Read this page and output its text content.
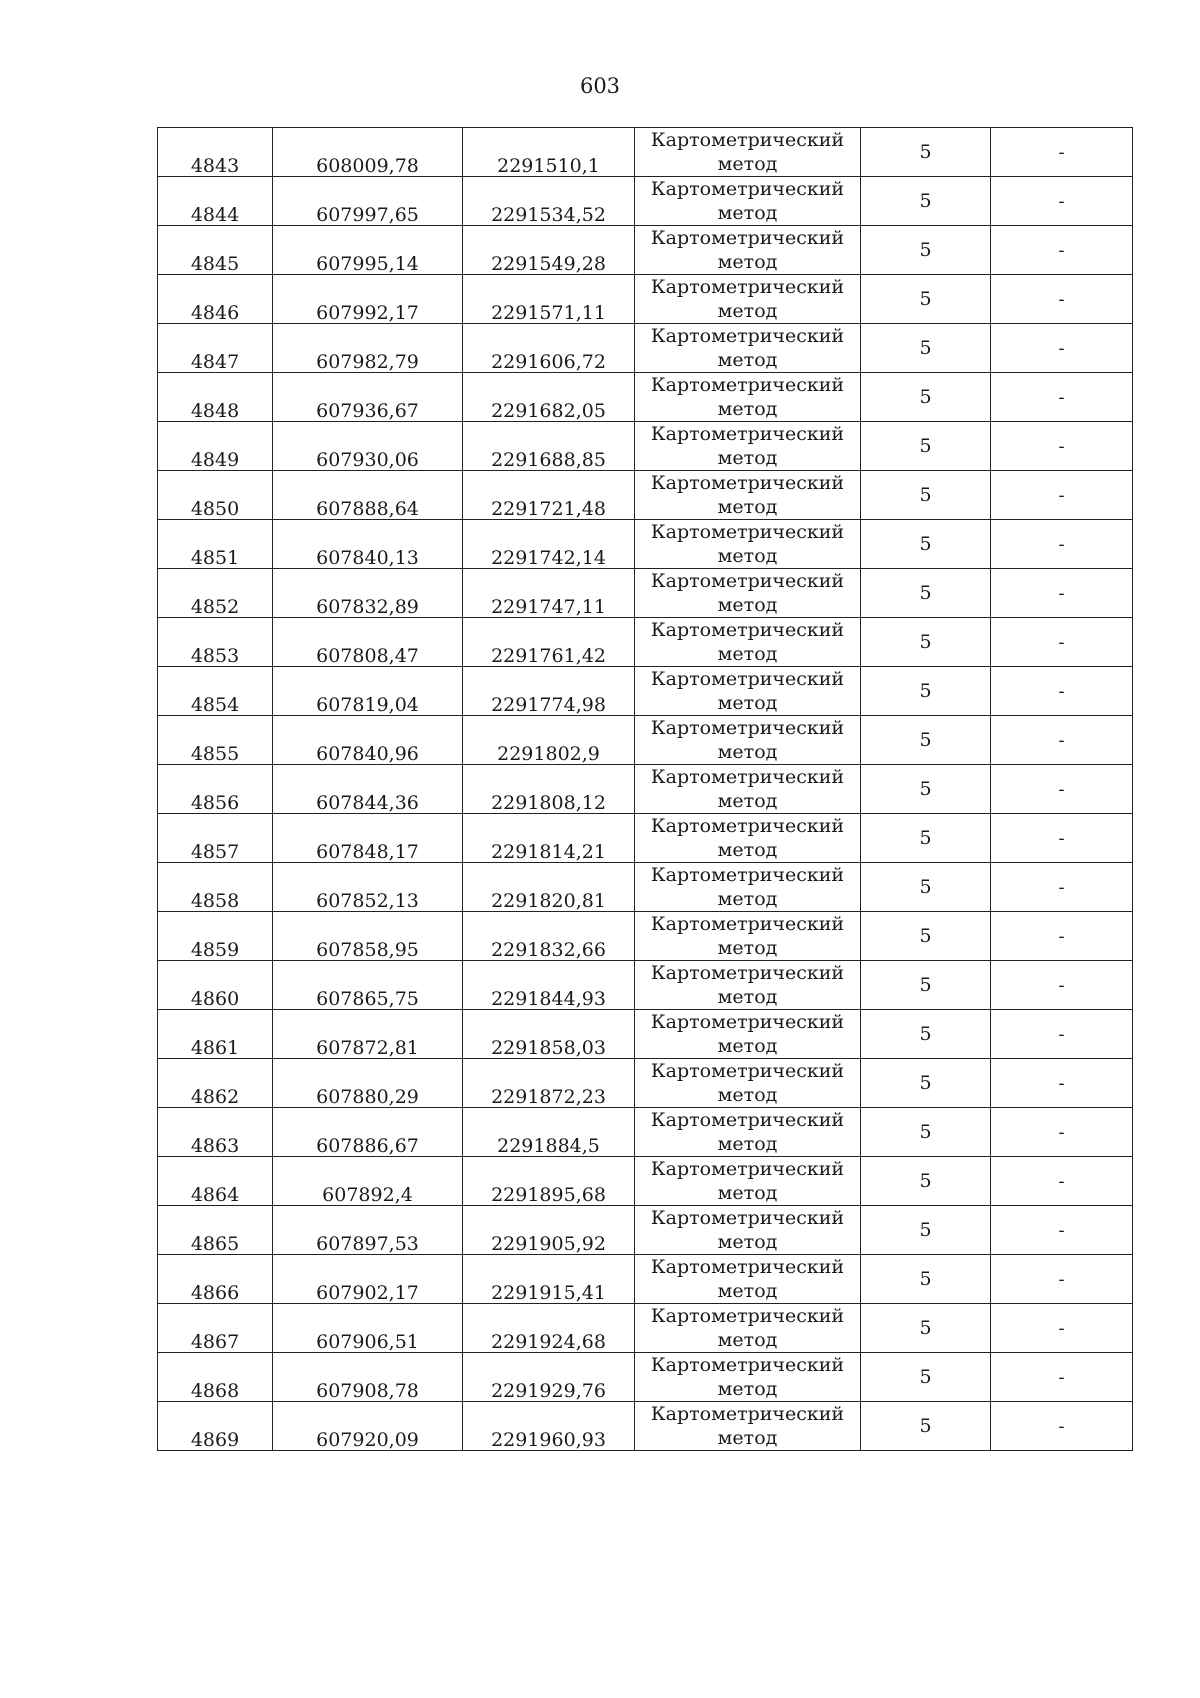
603
4843	608009,78	2291510,1	Картометрический
метод	5	-
4844	607997,65	2291534,52	Картометрический
метод	5	-
4845	607995,14	2291549,28	Картометрический
метод	5	-
4846	607992,17	2291571,11	Картометрический
метод	5	-
4847	607982,79	2291606,72	Картометрический
метод	5	-
4848	607936,67	2291682,05	Картометрический
метод	5	-
4849	607930,06	2291688,85	Картометрический
метод	5	-
4850	607888,64	2291721,48	Картометрический
метод	5	-
4851	607840,13	2291742,14	Картометрический
метод	5	-
4852	607832,89	2291747,11	Картометрический
метод	5	-
4853	607808,47	2291761,42	Картометрический
метод	5	-
4854	607819,04	2291774,98	Картометрический
метод	5	-
4855	607840,96	2291802,9	Картометрический
метод	5	-
4856	607844,36	2291808,12	Картометрический
метод	5	-
4857	607848,17	2291814,21	Картометрический
метод	5	-
4858	607852,13	2291820,81	Картометрический
метод	5	-
4859	607858,95	2291832,66	Картометрический
метод	5	-
4860	607865,75	2291844,93	Картометрический
метод	5	-
4861	607872,81	2291858,03	Картометрический
метод	5	-
4862	607880,29	2291872,23	Картометрический
метод	5	-
4863	607886,67	2291884,5	Картометрический
метод	5	-
4864	607892,4	2291895,68	Картометрический
метод	5	-
4865	607897,53	2291905,92	Картометрический
метод	5	-
4866	607902,17	2291915,41	Картометрический
метод	5	-
4867	607906,51	2291924,68	Картометрический
метод	5	-
4868	607908,78	2291929,76	Картометрический
метод	5	-
4869	607920,09	2291960,93	Картометрический
метод	5	-
